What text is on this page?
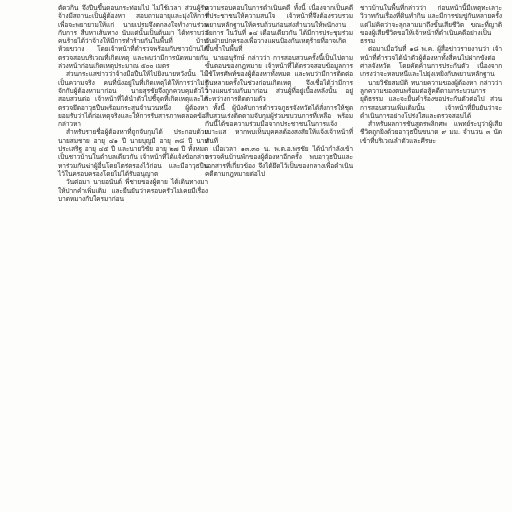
ตัดวกิน จึงปีนขึ้นดอนกระท่อมไป ไม่ใช้เวลา ส่วนผู้รับจ้างมีสถานะเป็นผู้ต้องหา สอบถามอายุและมุ่งให้การเพื่อจะพยายามให้แก่ นายเปรมจึงตกลงใจทำงานร่วมกับการ สืบหาเส้นทาง นับแต่นั้นเป็นต้นมา ได้ทราบว่าคนร้ายได้ว่าจ้างให้มีการทำร้ายกันในพื้นที่ บ้านห้วยขวาง โดยเจ้าหน้าที่ตำรวจพร้อมกับชาวบ้านได้ตรวจสอบบริเวณที่เกิดเหตุ และพบว่ามีการนัดหมายกันล่วงหน้าก่อนเกิดเหตุประมาณ ๕๐๐ เมตร

ส่วนกระแสข่าวว่าจ้างมือปืนให้ไปยิงนายหวังนั้น ไม่เป็นความจริง คนที่นั่งอยู่ในที่เกิดเหตุได้ให้การว่าไม่รู้จักกับผู้ต้องหามาก่อน นายสุรชัยจึงถูกควบคุมตัวไว้สอบสวนต่อ เจ้าหน้าที่ได้นำตัวไปชี้จุดที่เกิดเหตุและได้ตรวจยึดอาวุธปืนพร้อมกระสุนจำนวนหนึ่ง ผู้ต้องหายอมรับว่าได้ก่อเหตุจริงและให้การรับสารภาพตลอดข้อกล่าวหา

สำหรับรายชื่อผู้ต้องหาที่ถูกจับกุมได้ ประกอบด้วย นายสมชาย อายุ ๔๑ ปี นายบุญมี อายุ ๓๘ ปี นายประเสริฐ อายุ ๔๕ ปี และนายวิชัย อายุ ๒๗ ปี ทั้งหมดเป็นชาวบ้านในตำบลเดียวกัน เจ้าหน้าที่ได้แจ้งข้อกล่าวหาร่วมกันฆ่าผู้อื่นโดยไตร่ตรองไว้ก่อน และมีอาวุธปืนไว้ในครอบครองโดยไม่ได้รับอนุญาต

วันต่อมา นายอนันต์ พี่ชายของผู้ตาย ได้เดินทางมาให้ปากคำเพิ่มเติม และยืนยันว่าครอบครัวไม่เคยมีเรื่องบาดหมางกับใครมาก่อน

ความรอบคอบในการดำเนินคดี ทั้งนี้ เนื่องจากเป็นคดีที่ประชาชนให้ความสนใจ เจ้าหน้าที่จึงต้องรวบรวมพยานหลักฐานให้ครบถ้วนก่อนส่งสำนวนให้พนักงานอัยการ ในวันที่ ๑๔ เดือนเดียวกัน ได้มีการประชุมร่วมกับฝ่ายปกครองเพื่อวางแผนป้องกันเหตุร้ายที่อาจเกิดขึ้นซ้ำในพื้นที่

นายอนุรักษ์ กล่าวว่า การสอบสวนครั้งนี้เป็นไปตามขั้นตอนของกฎหมาย เจ้าหน้าที่ได้ตรวจสอบข้อมูลการใช้โทรศัพท์ของผู้ต้องหาทั้งหมด และพบว่ามีการติดต่อกันหลายครั้งในช่วงก่อนเกิดเหตุ จึงเชื่อได้ว่ามีการวางแผนร่วมกันมาก่อน ส่วนผู้ที่อยู่เบื้องหลังนั้น อยู่ระหว่างการติดตามตัว

ทั้งนี้ ผู้บังคับการตำรวจภูธรจังหวัดได้สั่งการให้ชุดสืบสวนเร่งติดตามจับกุมผู้ร่วมขบวนการที่เหลือ พร้อมกันนี้ได้ขอความร่วมมือจากประชาชนในการแจ้งเบาะแส หากพบเห็นบุคคลต้องสงสัยให้แจ้งเจ้าหน้าที่ทันที

เมื่อเวลา ๑๓.๓๐ น. พ.ต.อ.พรชัย ได้นำกำลังเข้าตรวจค้นบ้านพักของผู้ต้องหาอีกครั้ง พบอาวุธปืนและเอกสารที่เกี่ยวข้อง จึงได้ยึดไว้เป็นของกลางเพื่อดำเนินคดีตามกฎหมายต่อไป

ชาวบ้านในพื้นที่กล่าวว่า ก่อนหน้านี้มีเหตุทะเลาะวิวาทกันเรื่องที่ดินทำกิน และมีการข่มขู่กันหลายครั้ง แต่ไม่คิดว่าจะลุกลามมาถึงขั้นเสียชีวิต ขณะที่ญาติของผู้เสียชีวิตขอให้เจ้าหน้าที่ดำเนินคดีอย่างเป็นธรรม

ต่อมาเมื่อวันที่ ๑๘ พ.ค. ผู้สื่อข่าวรายงานว่า เจ้าหน้าที่ตำรวจได้นำตัวผู้ต้องหาทั้งสี่คนไปฝากขังต่อศาลจังหวัด โดยคัดค้านการประกันตัว เนื่องจากเกรงว่าจะหลบหนีและไปยุ่งเหยิงกับพยานหลักฐาน

นายวิชัยสมบัติ ทนายความของผู้ต้องหา กล่าวว่า ลูกความของตนพร้อมต่อสู้คดีตามกระบวนการยุติธรรม และจะยื่นคำร้องขอประกันตัวต่อไป ส่วนการสอบสวนเพิ่มเติมนั้น เจ้าหน้าที่ยืนยันว่าจะดำเนินการอย่างโปร่งใสและตรวจสอบได้

สำหรับผลการชันสูตรพลิกศพ แพทย์ระบุว่าผู้เสียชีวิตถูกยิงด้วยอาวุธปืนขนาด ๙ มม. จำนวน ๓ นัด เข้าที่บริเวณลำตัวและศีรษะ
